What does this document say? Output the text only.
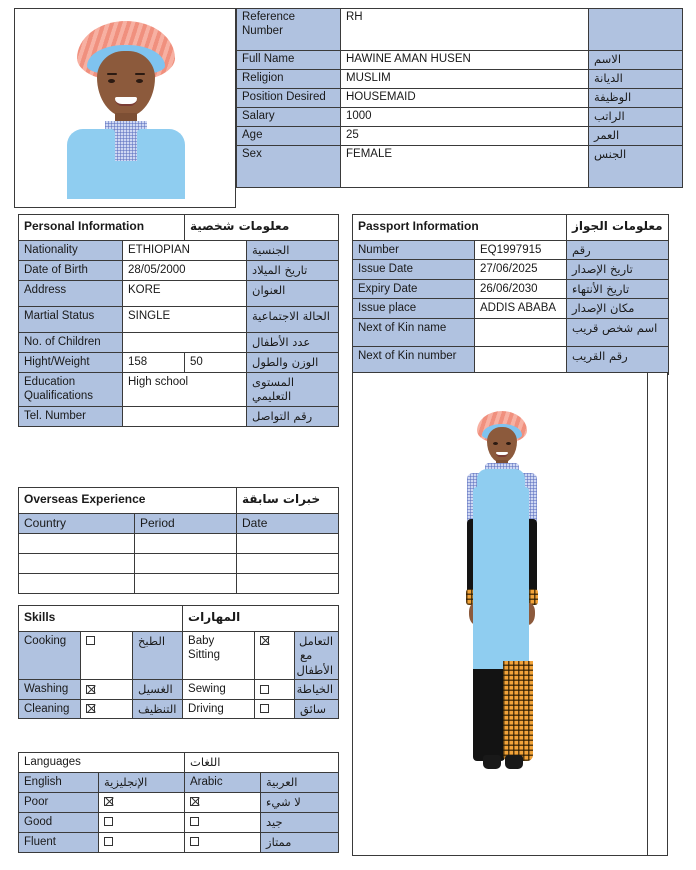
Reference Number	RH	
Full Name	HAWINE AMAN HUSEN	الاسم
Religion	MUSLIM	الديانة
Position Desired	HOUSEMAID	الوظيفة
Salary	1000	الراتب
Age	25	العمر
Sex	FEMALE	الجنس
Personal Information		معلومات شخصية	
Nationality	ETHIOPIAN		الجنسية
Date of Birth	28/05/2000		تاريخ الميلاد
Address	KORE		العنوان
Martial Status	SINGLE		الحالة الاجتماعية
No. of Children			عدد الأطفال
Hight/Weight	158	50	الوزن والطول
Education Qualifications	High school		المستوى التعليمي
Tel. Number			رقم التواصل
Passport Information		معلومات الجواز
Number	EQ1997915	رقم
Issue Date	27/06/2025	تاريخ الإصدار
Expiry Date	26/06/2030	تاريخ الأنتهاء
Issue place	ADDIS ABABA	مكان الإصدار
Next of Kin name		اسم شخص قريب
Next of Kin number		رقم القريب
Overseas Experience		خبرات سابقة
Country	Period	Date

Skills			المهارات		
Cooking		الطبخ	Baby Sitting		التعامل مع الأطفال
Washing		الغسيل	Sewing		الخياطة
Cleaning		التنظيف	Driving		سائق
Languages		اللغات	
English	الإنجليزية	Arabic	العربية
Poor			لا شيء
Good			جيد
Fluent			ممتاز
